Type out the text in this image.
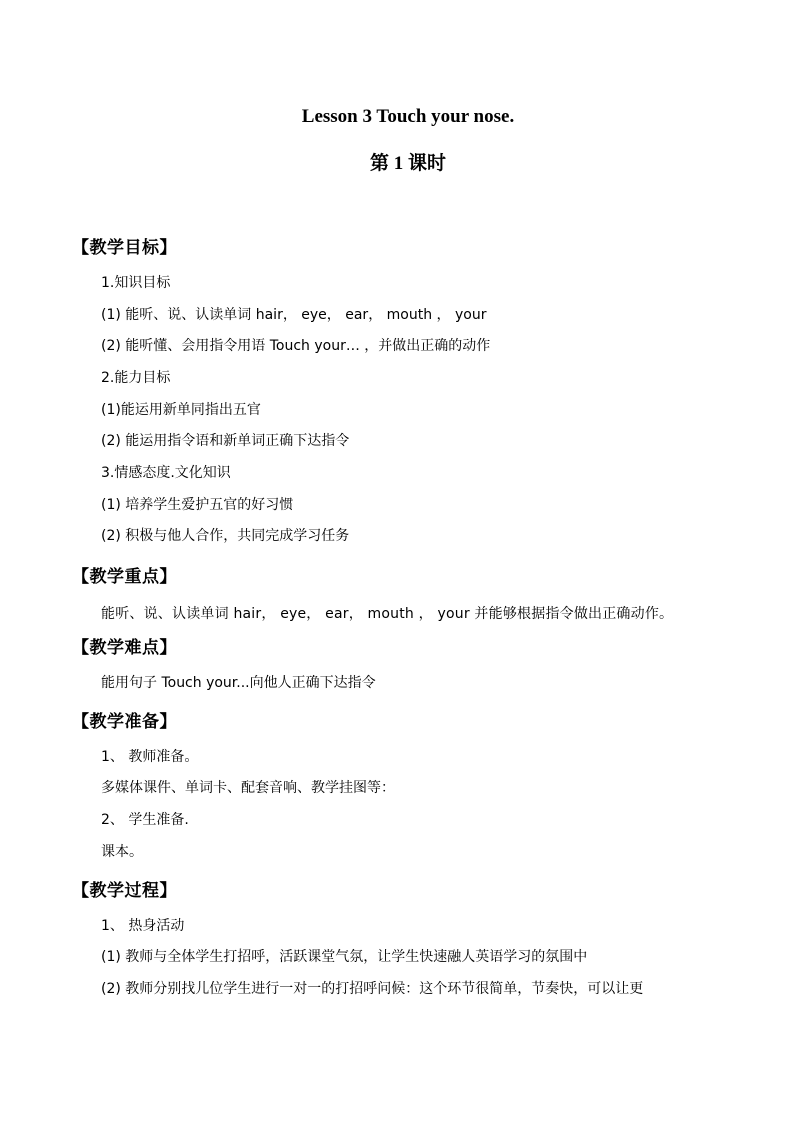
Lesson 3 Touch your nose.
第 1 课时
【教学目标】
1.知识目标
(1) 能听、说、认读单词 hair， eye， ear， mouth ， your
(2) 能听懂、会用指令用语 Touch your… ，并做出正确的动作
2.能力目标
(1)能运用新单同指出五官
(2) 能运用指令语和新单词正确下达指令
3.情感态度.文化知识
(1) 培养学生爱护五官的好习惯
(2) 积极与他人合作，共同完成学习任务
【教学重点】
能听、说、认读单词 hair， eye， ear， mouth ， your 并能够根据指令做出正确动作。
【教学难点】
能用句子 Touch your...向他人正确下达指令
【教学准备】
1、 教师准备。
多媒体课件、单词卡、配套音响、教学挂图等：
2、 学生准备.
课本。
【教学过程】
1、 热身活动
(1) 教师与全体学生打招呼，活跃课堂气氛，让学生快速融人英语学习的氛围中
(2) 教师分别找儿位学生进行一对一的打招呼问候：这个环节很简单，节奏快，可以让更
